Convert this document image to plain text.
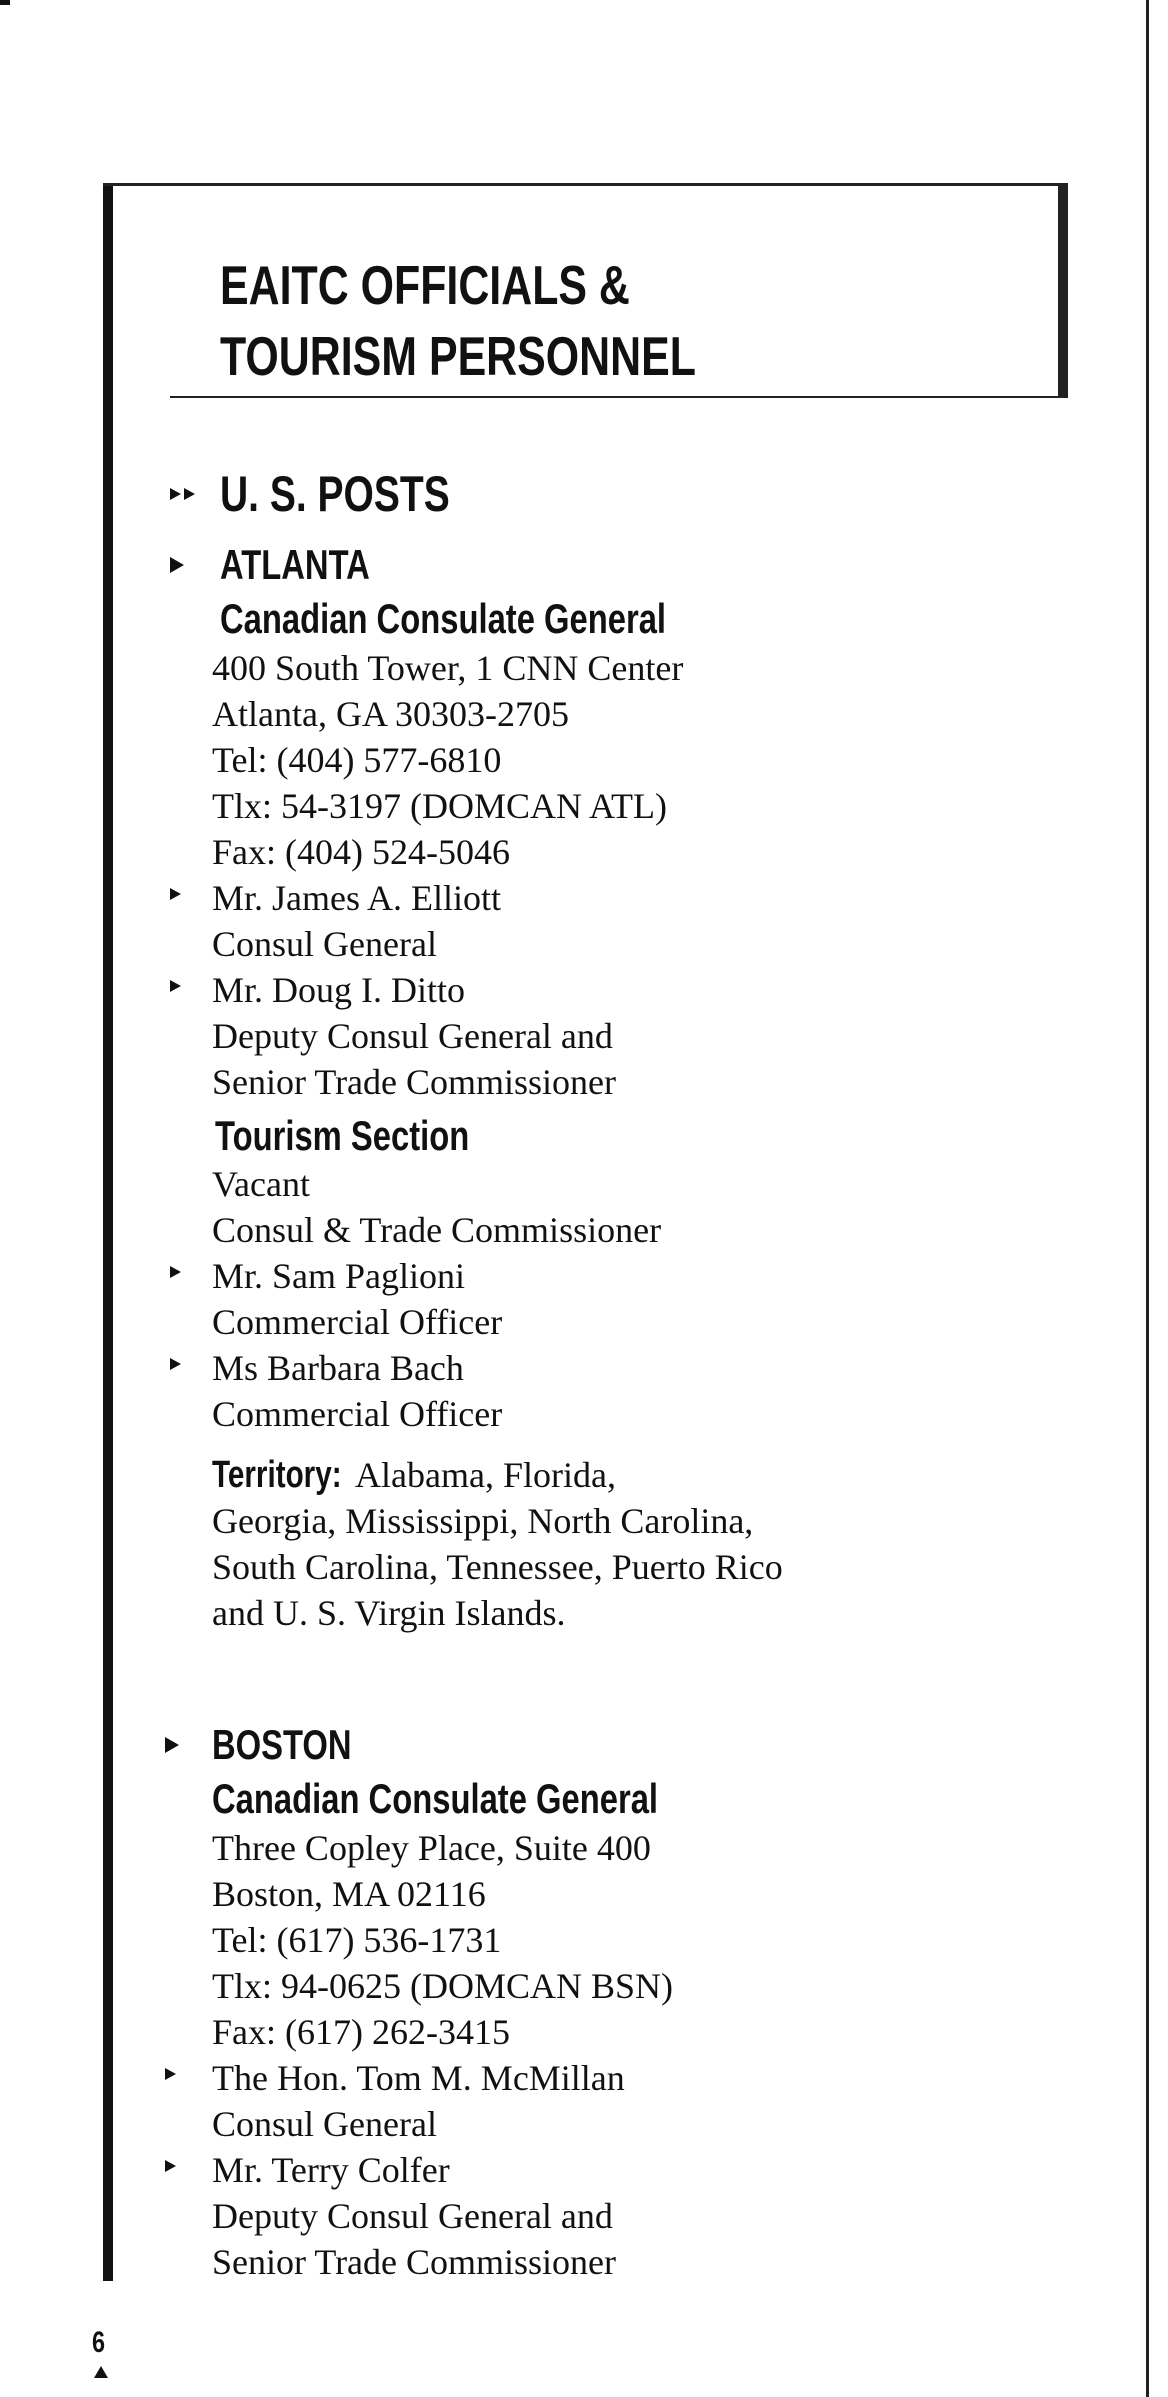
EAITC OFFICIALS &
TOURISM PERSONNEL
U. S. POSTS
ATLANTA
Canadian Consulate General
400 South Tower, 1 CNN Center
Atlanta, GA 30303-2705
Tel: (404) 577-6810
Tlx: 54-3197 (DOMCAN ATL)
Fax: (404) 524-5046
Mr. James A. Elliott
Consul General
Mr. Doug I. Ditto
Deputy Consul General and
Senior Trade Commissioner
Tourism Section
Vacant
Consul & Trade Commissioner
Mr. Sam Paglioni
Commercial Officer
Ms Barbara Bach
Commercial Officer
Territory: Alabama, Florida,
Georgia, Mississippi, North Carolina,
South Carolina, Tennessee, Puerto Rico
and U. S. Virgin Islands.
BOSTON
Canadian Consulate General
Three Copley Place, Suite 400
Boston, MA 02116
Tel: (617) 536-1731
Tlx: 94-0625 (DOMCAN BSN)
Fax: (617) 262-3415
The Hon. Tom M. McMillan
Consul General
Mr. Terry Colfer
Deputy Consul General and
Senior Trade Commissioner
6
